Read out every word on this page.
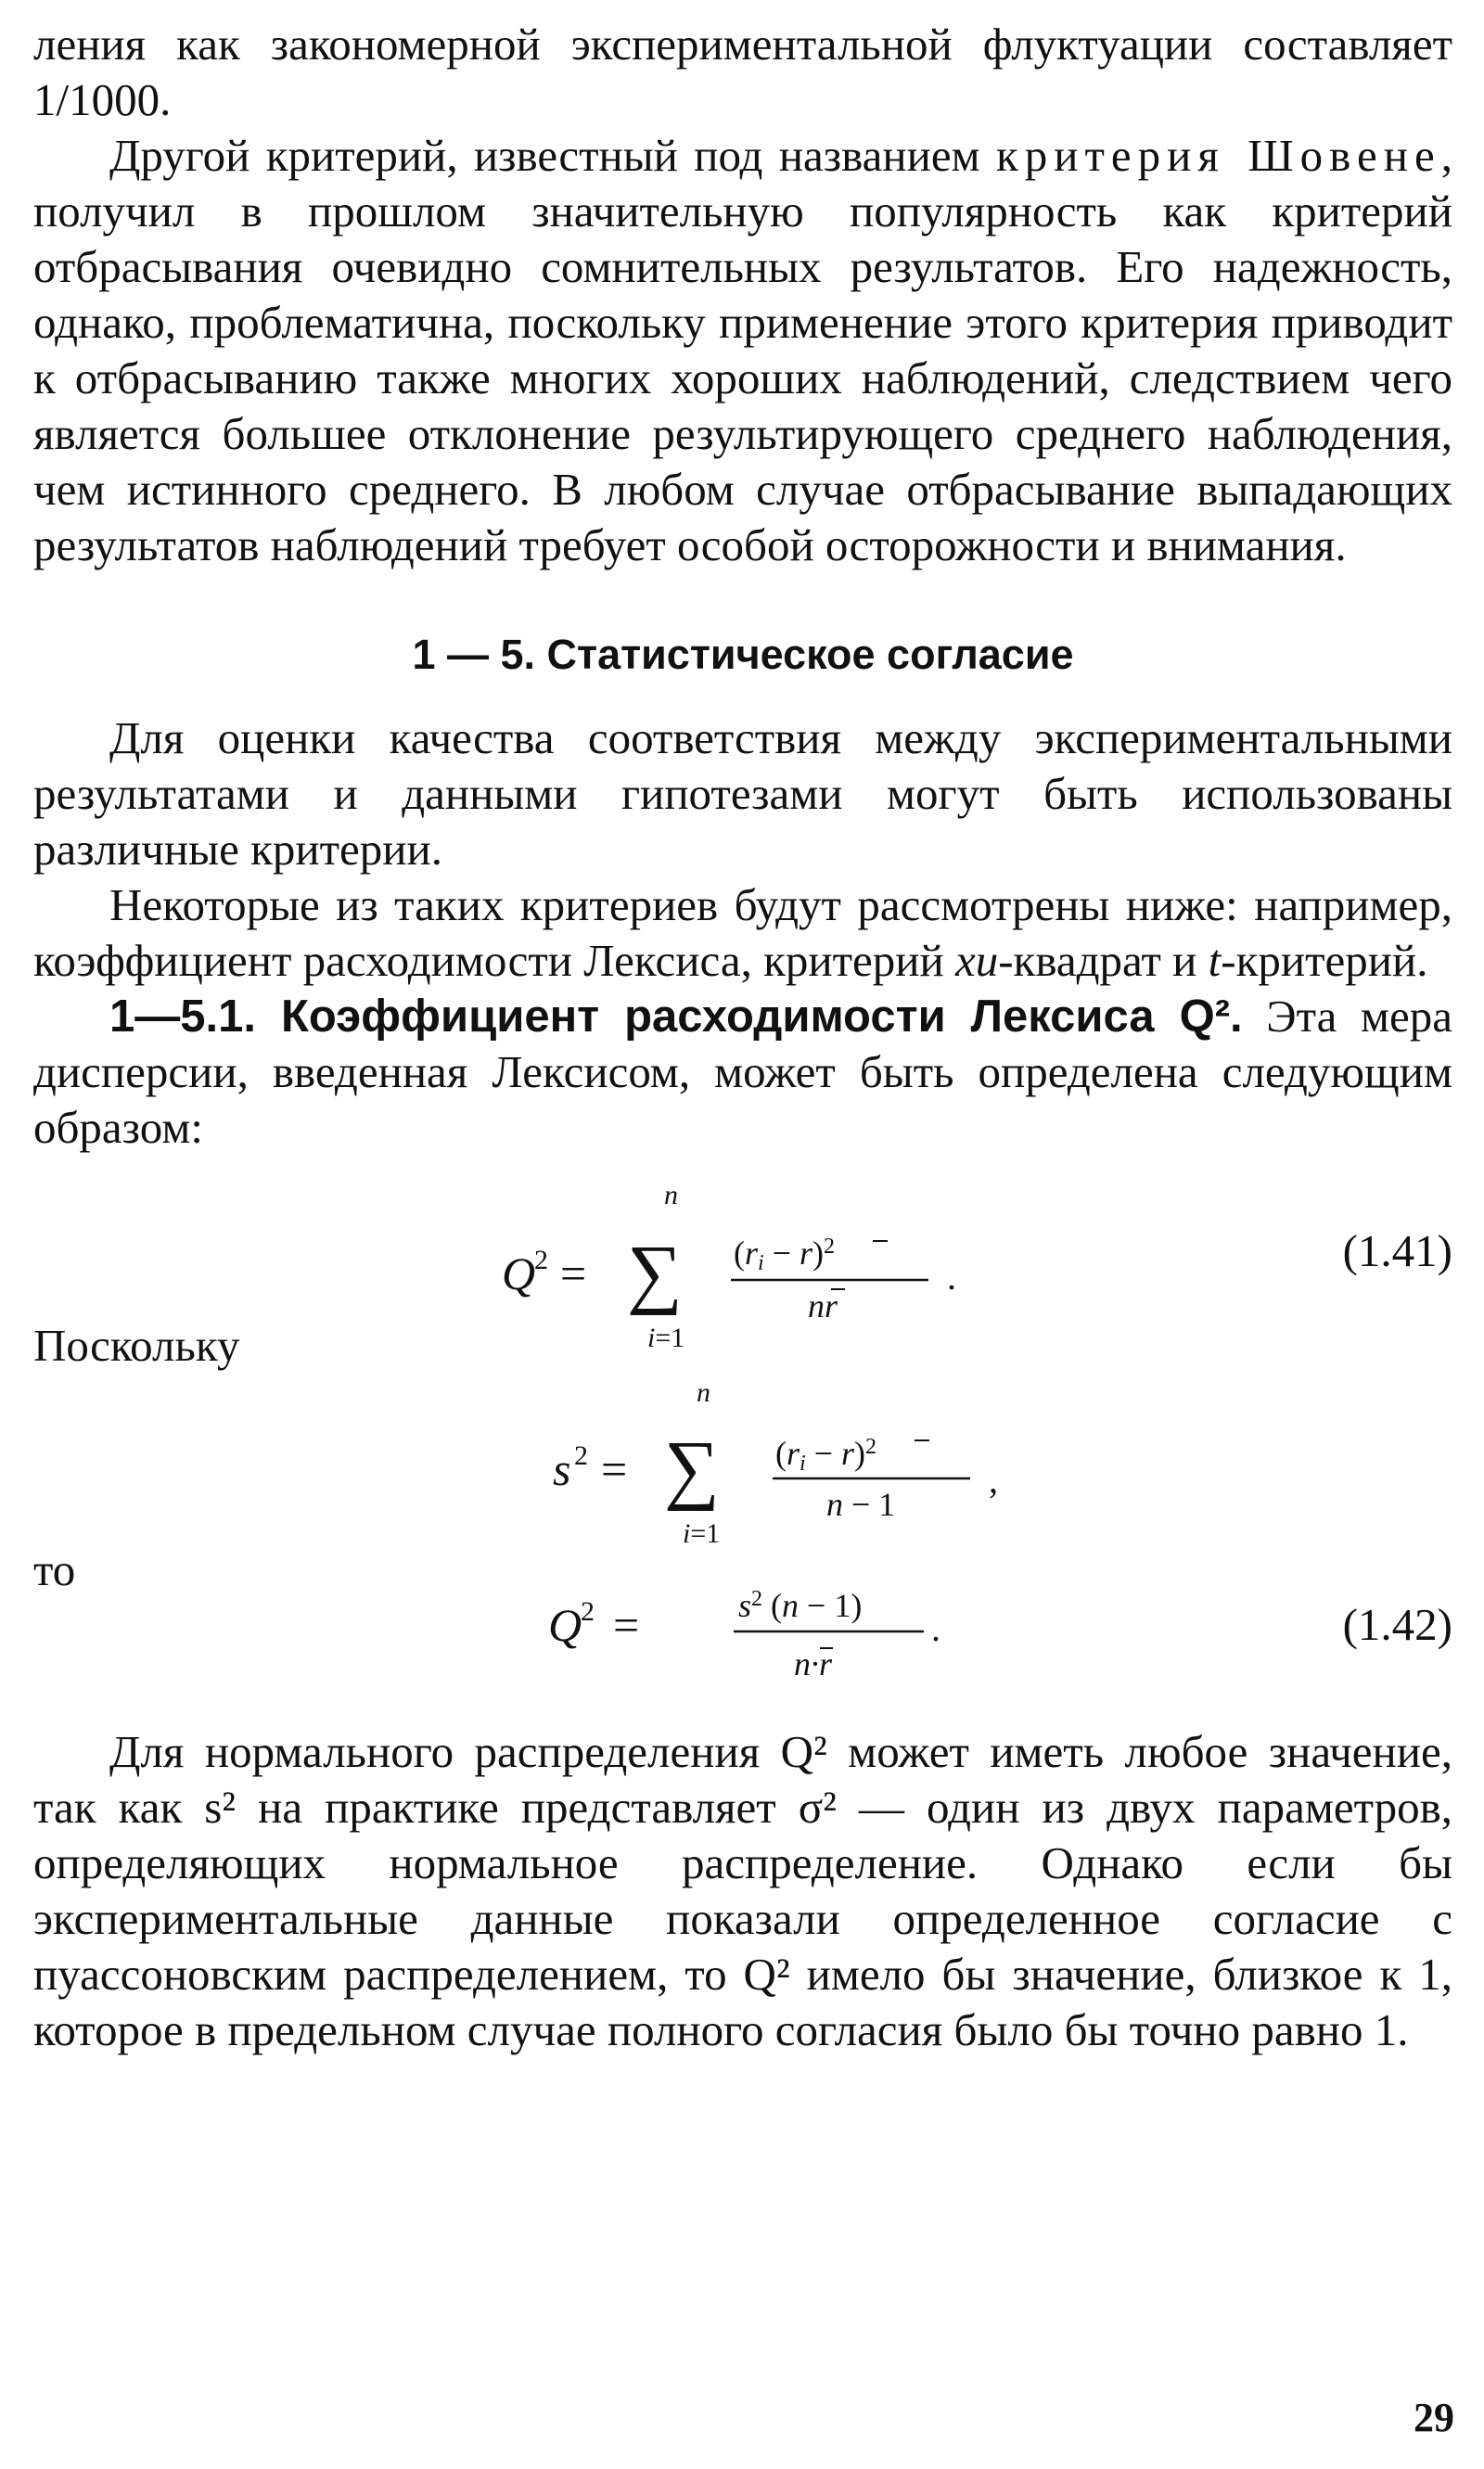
ления как закономерной экспериментальной флуктуации составляет 1/1000.

Другой критерий, известный под названием критерия Шовене, получил в прошлом значительную популярность как критерий отбрасывания очевидно сомнительных результатов. Его надежность, однако, проблематична, поскольку применение этого критерия приводит к отбрасыванию также многих хороших наблюдений, следствием чего является большее отклонение результирующего среднего наблюдения, чем истинного среднего. В любом случае отбрасывание выпадающих результатов наблюдений требует особой осторожности и внимания.

1 — 5. Статистическое согласие

Для оценки качества соответствия между экспериментальными результатами и данными гипотезами могут быть использованы различные критерии.

Некоторые из таких критериев будут рассмотрены ниже: например, коэффициент расходимости Лексиса, критерий хи-квадрат и t-критерий.

1—5.1. Коэффициент расходимости Лексиса Q². Эта мера дисперсии, введенная Лексисом, может быть определена следующим образом:

n
Q
2 = ∑
i=1
(ri − r)$^2$
nr
.
(1.41)

Поскольку

n
s 2 = ∑
i=1
(ri − r)$^2$
n − 1
,

то

Q
2 =	$s^2$ (n − 1)
n·r
.	(1.42)

Для нормального распределения Q² может иметь любое значение, так как s² на практике представляет σ² — один из двух параметров, определяющих нормальное распределение. Однако если бы экспериментальные данные показали определенное согласие с пуассоновским распределением, то Q² имело бы значение, близкое к 1, которое в предельном случае полного согласия было бы точно равно 1.

29
